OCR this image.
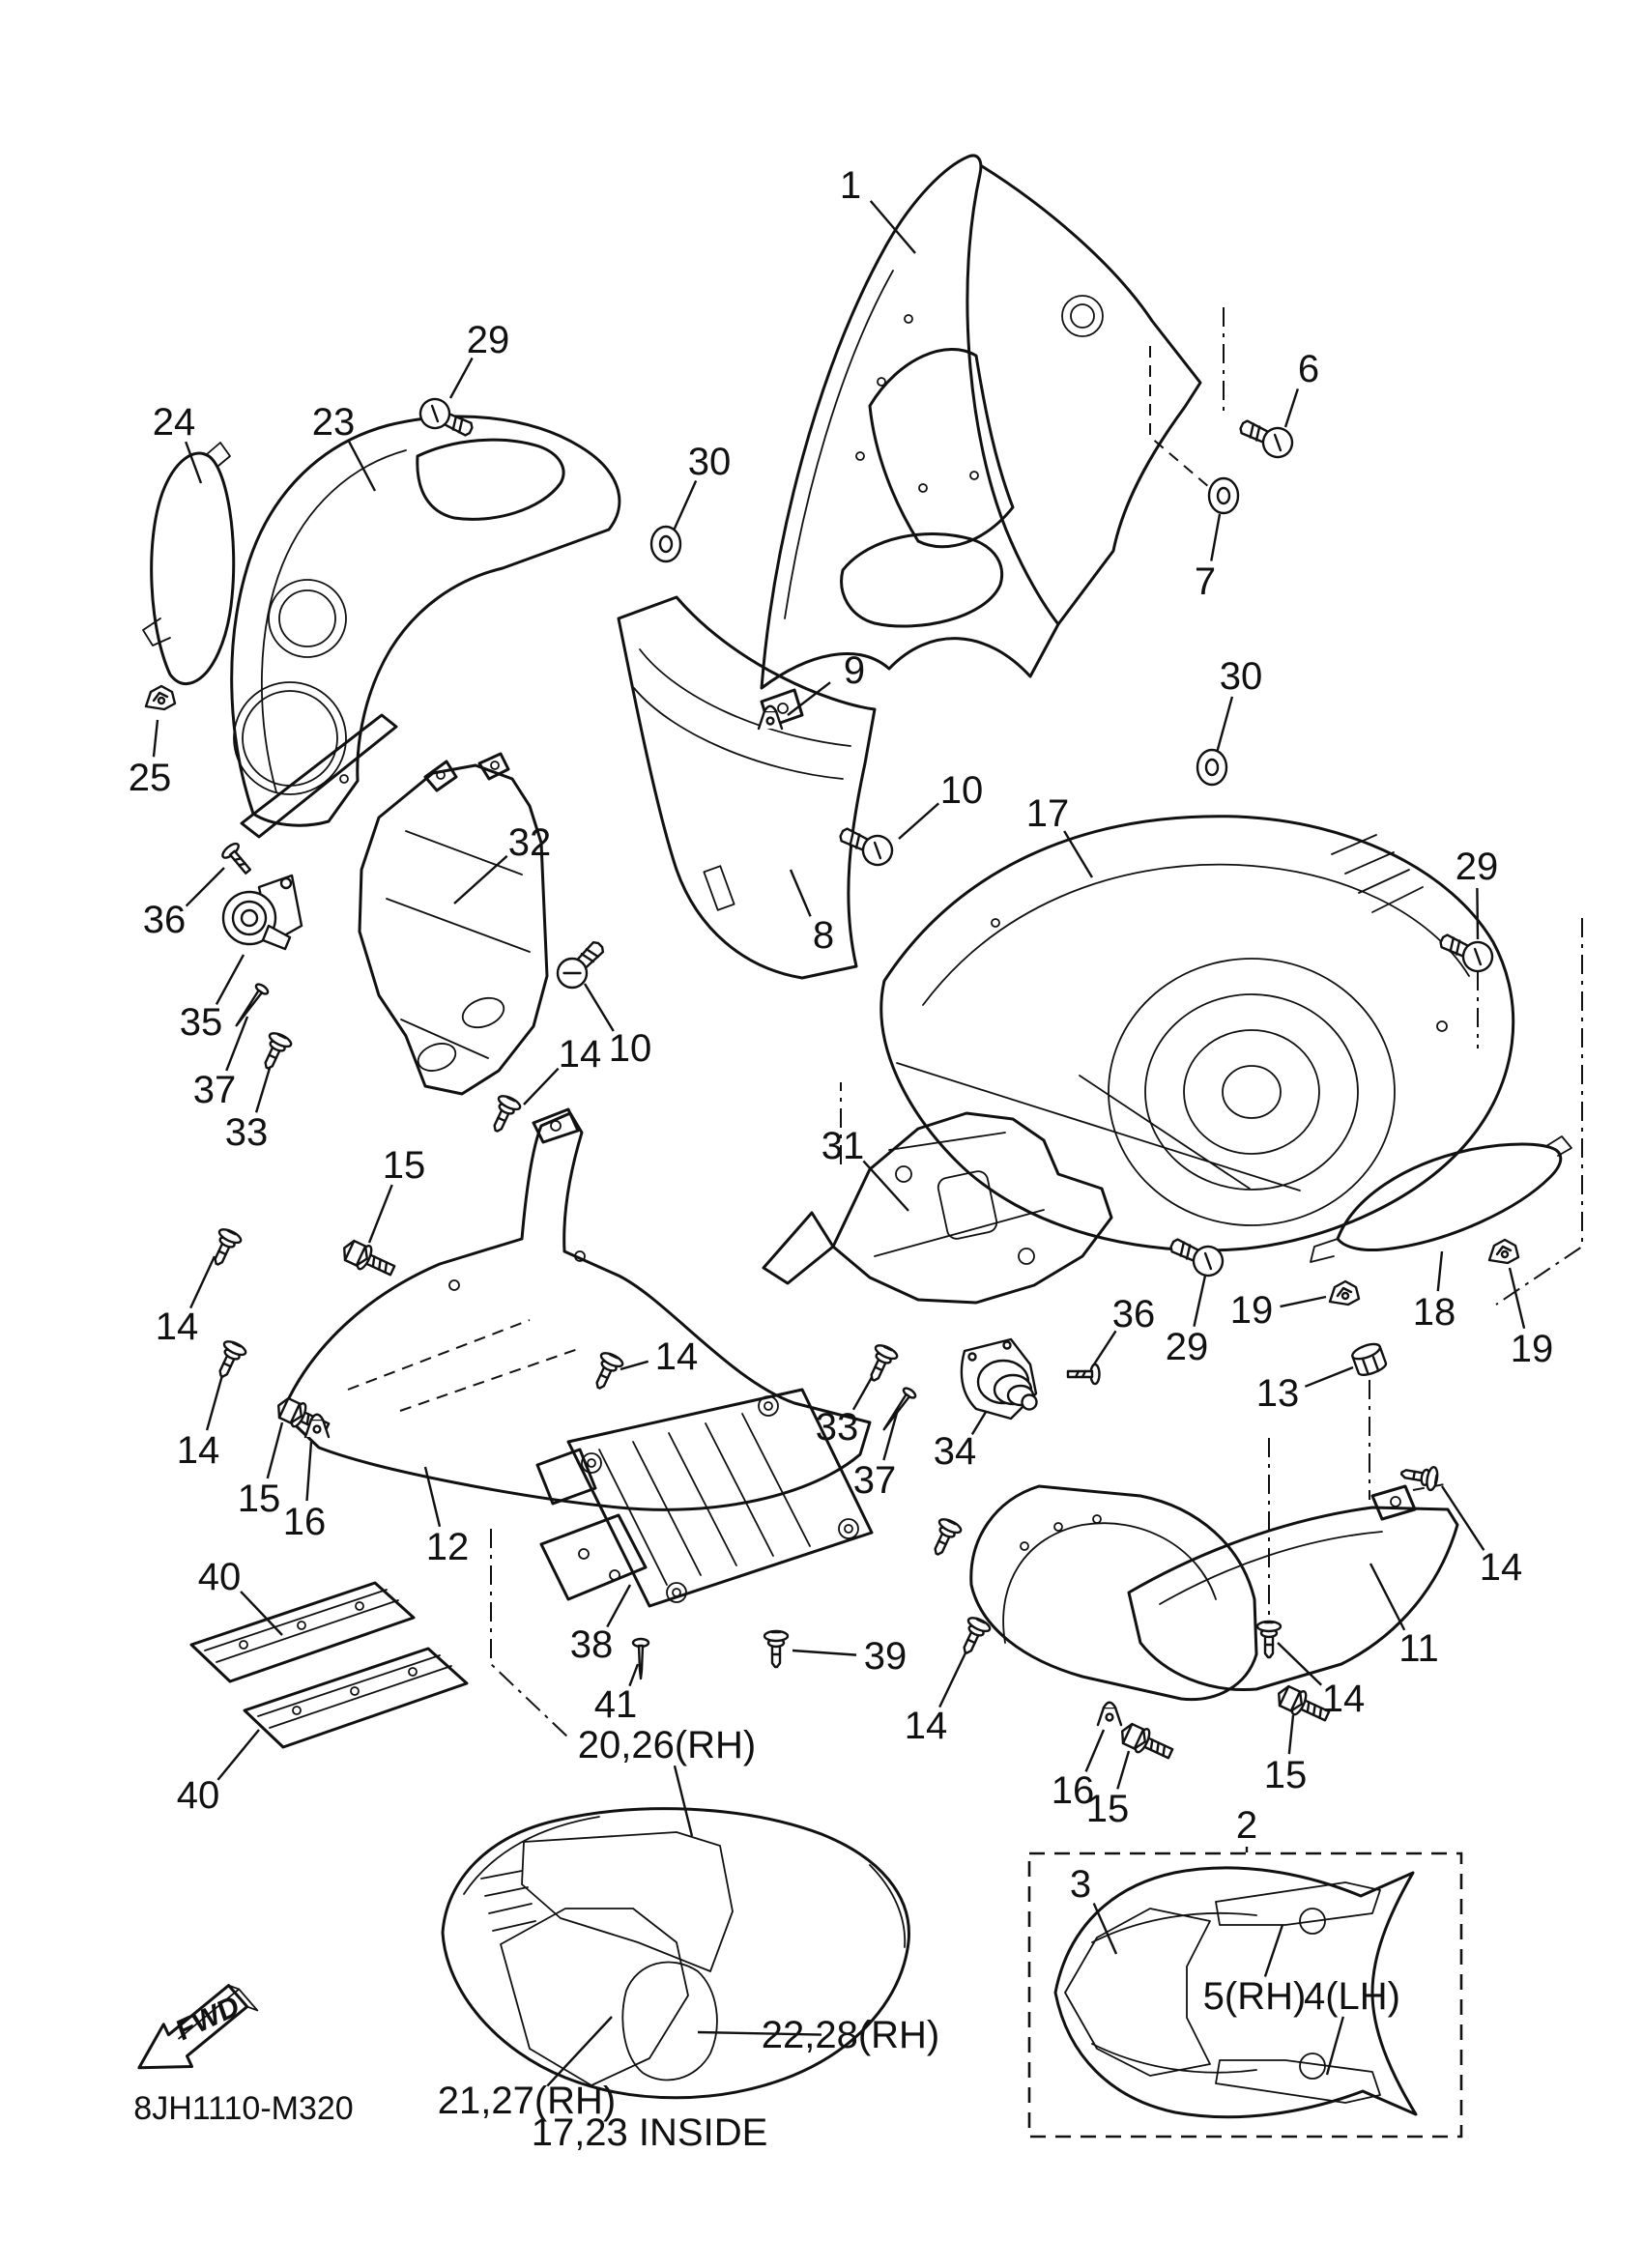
FWD
8JH1110-M320
1
6
7
29
24	23
30
25
9	30
10
17
29
36
32
8
35
37
33
10
14
15	31
14
14
15
16
12
40
40
38
41
39
14
33
37
34
36
29
19	18
19
13
14
11
14
14
16
15
15
2
20,26(RH)
22,28(RH)
21,27(RH)
17,23 INSIDE
3
5(RH)
4(LH)
